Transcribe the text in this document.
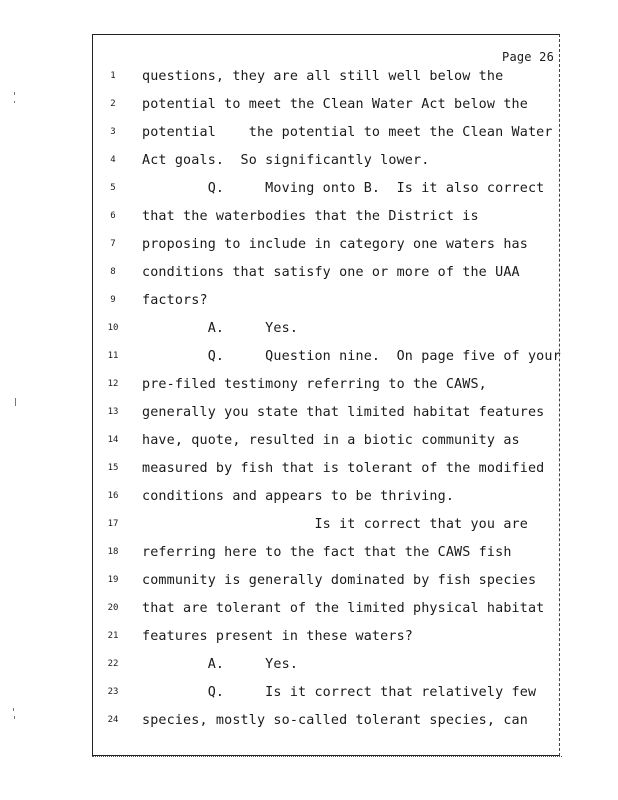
Page 26
1	questions, they are all still well below the
2	potential to meet the Clean Water Act below the
3	potential    the potential to meet the Clean Water
4	Act goals.  So significantly lower.
5	Q.     Moving onto B.  Is it also correct
6	that the waterbodies that the District is
7	proposing to include in category one waters has
8	conditions that satisfy one or more of the UAA
9	factors?
10	A.     Yes.
11	Q.     Question nine.  On page five of your
12	pre-filed testimony referring to the CAWS,
13	generally you state that limited habitat features
14	have, quote, resulted in a biotic community as
15	measured by fish that is tolerant of the modified
16	conditions and appears to be thriving.
17	Is it correct that you are
18	referring here to the fact that the CAWS fish
19	community is generally dominated by fish species
20	that are tolerant of the limited physical habitat
21	features present in these waters?
22	A.     Yes.
23	Q.     Is it correct that relatively few
24	species, mostly so-called tolerant species, can
